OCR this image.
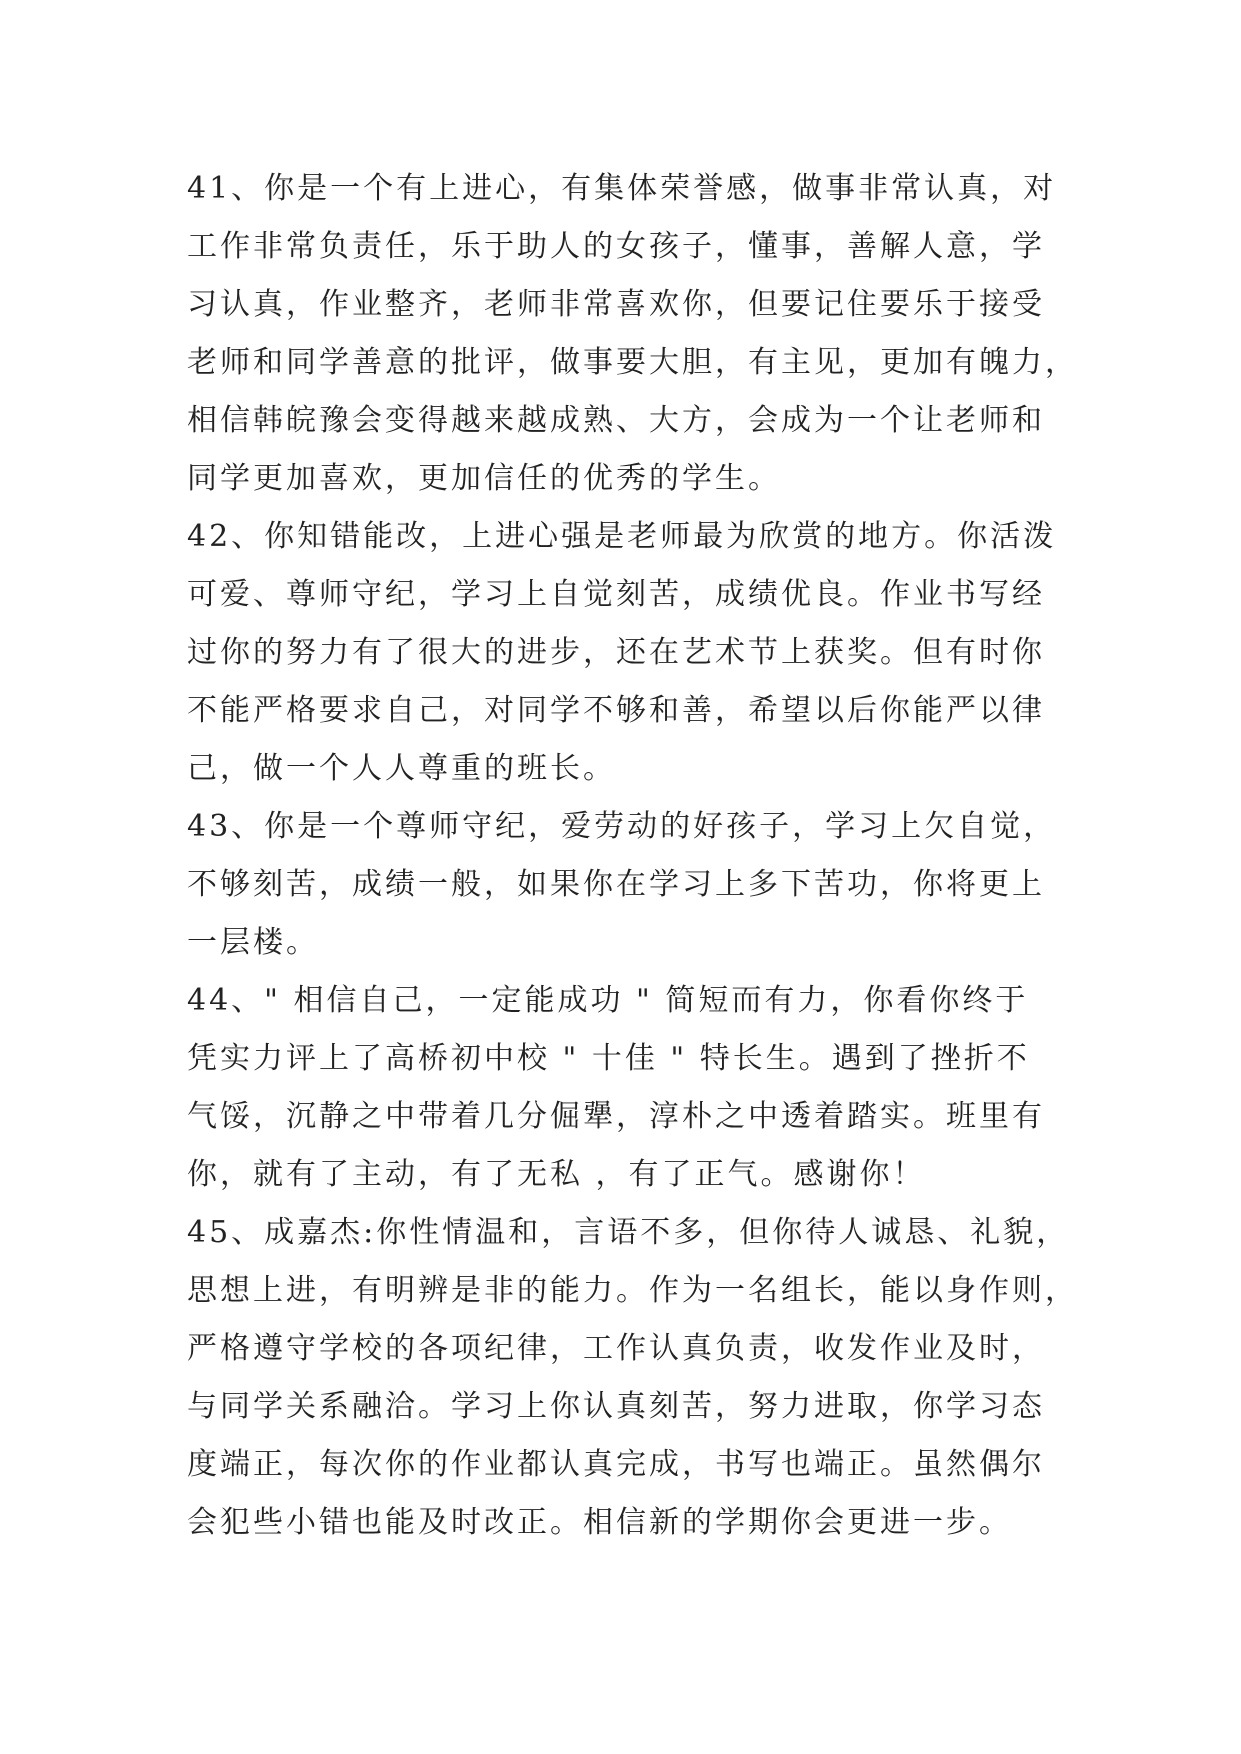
41、你是一个有上进心，有集体荣誉感，做事非常认真，对
工作非常负责任，乐于助人的女孩子，懂事，善解人意，学
习认真，作业整齐，老师非常喜欢你，但要记住要乐于接受
老师和同学善意的批评，做事要大胆，有主见，更加有魄力，
相信韩皖豫会变得越来越成熟、大方，会成为一个让老师和
同学更加喜欢，更加信任的优秀的学生。
42、你知错能改，上进心强是老师最为欣赏的地方。你活泼
可爱、尊师守纪，学习上自觉刻苦，成绩优良。作业书写经
过你的努力有了很大的进步，还在艺术节上获奖。但有时你
不能严格要求自己，对同学不够和善，希望以后你能严以律
己，做一个人人尊重的班长。
43、你是一个尊师守纪，爱劳动的好孩子，学习上欠自觉，
不够刻苦，成绩一般，如果你在学习上多下苦功，你将更上
一层楼。
44、" 相信自己，一定能成功 " 简短而有力，你看你终于
凭实力评上了高桥初中校 " 十佳 " 特长生。遇到了挫折不
气馁，沉静之中带着几分倔犟，淳朴之中透着踏实。班里有
你，就有了主动，有了无私 ，有了正气。感谢你！
45、成嘉杰:你性情温和，言语不多，但你待人诚恳、礼貌，
思想上进，有明辨是非的能力。作为一名组长，能以身作则，
严格遵守学校的各项纪律，工作认真负责，收发作业及时，
与同学关系融洽。学习上你认真刻苦，努力进取，你学习态
度端正，每次你的作业都认真完成，书写也端正。虽然偶尔
会犯些小错也能及时改正。相信新的学期你会更进一步。
